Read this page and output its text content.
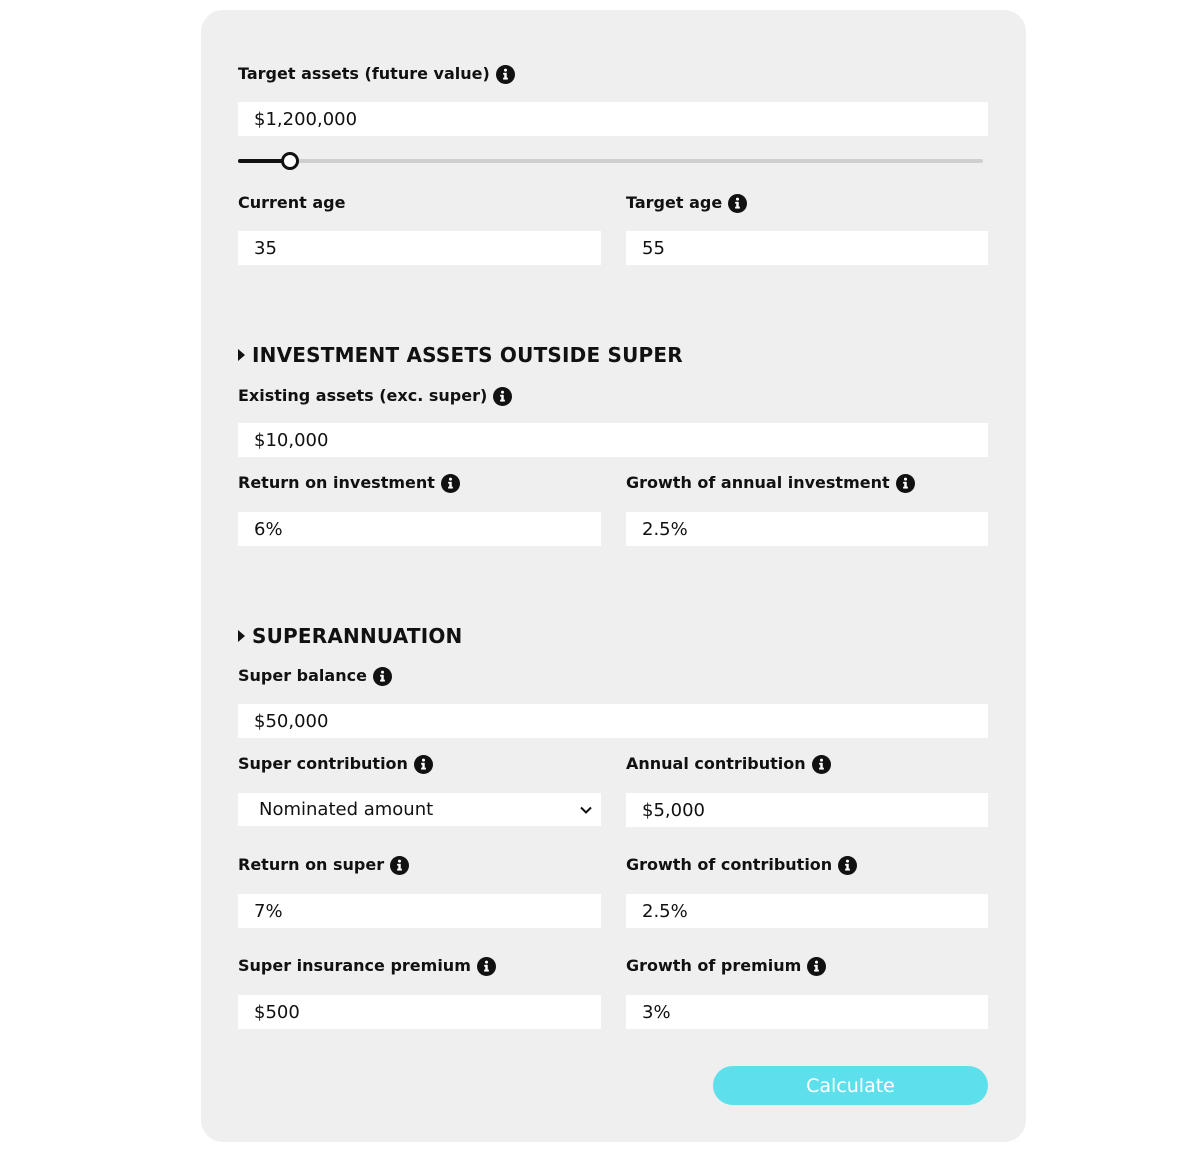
Target assets (future value)
$1,200,000
Current age
35
Target age
55
INVESTMENT ASSETS OUTSIDE SUPER
Existing assets (exc. super)
$10,000
Return on investment
6%
Growth of annual investment
2.5%
SUPERANNUATION
Super balance
$50,000
Super contribution
Nominated amount
Annual contribution
$5,000
Return on super
7%
Growth of contribution
2.5%
Super insurance premium
$500
Growth of premium
3%
Calculate
